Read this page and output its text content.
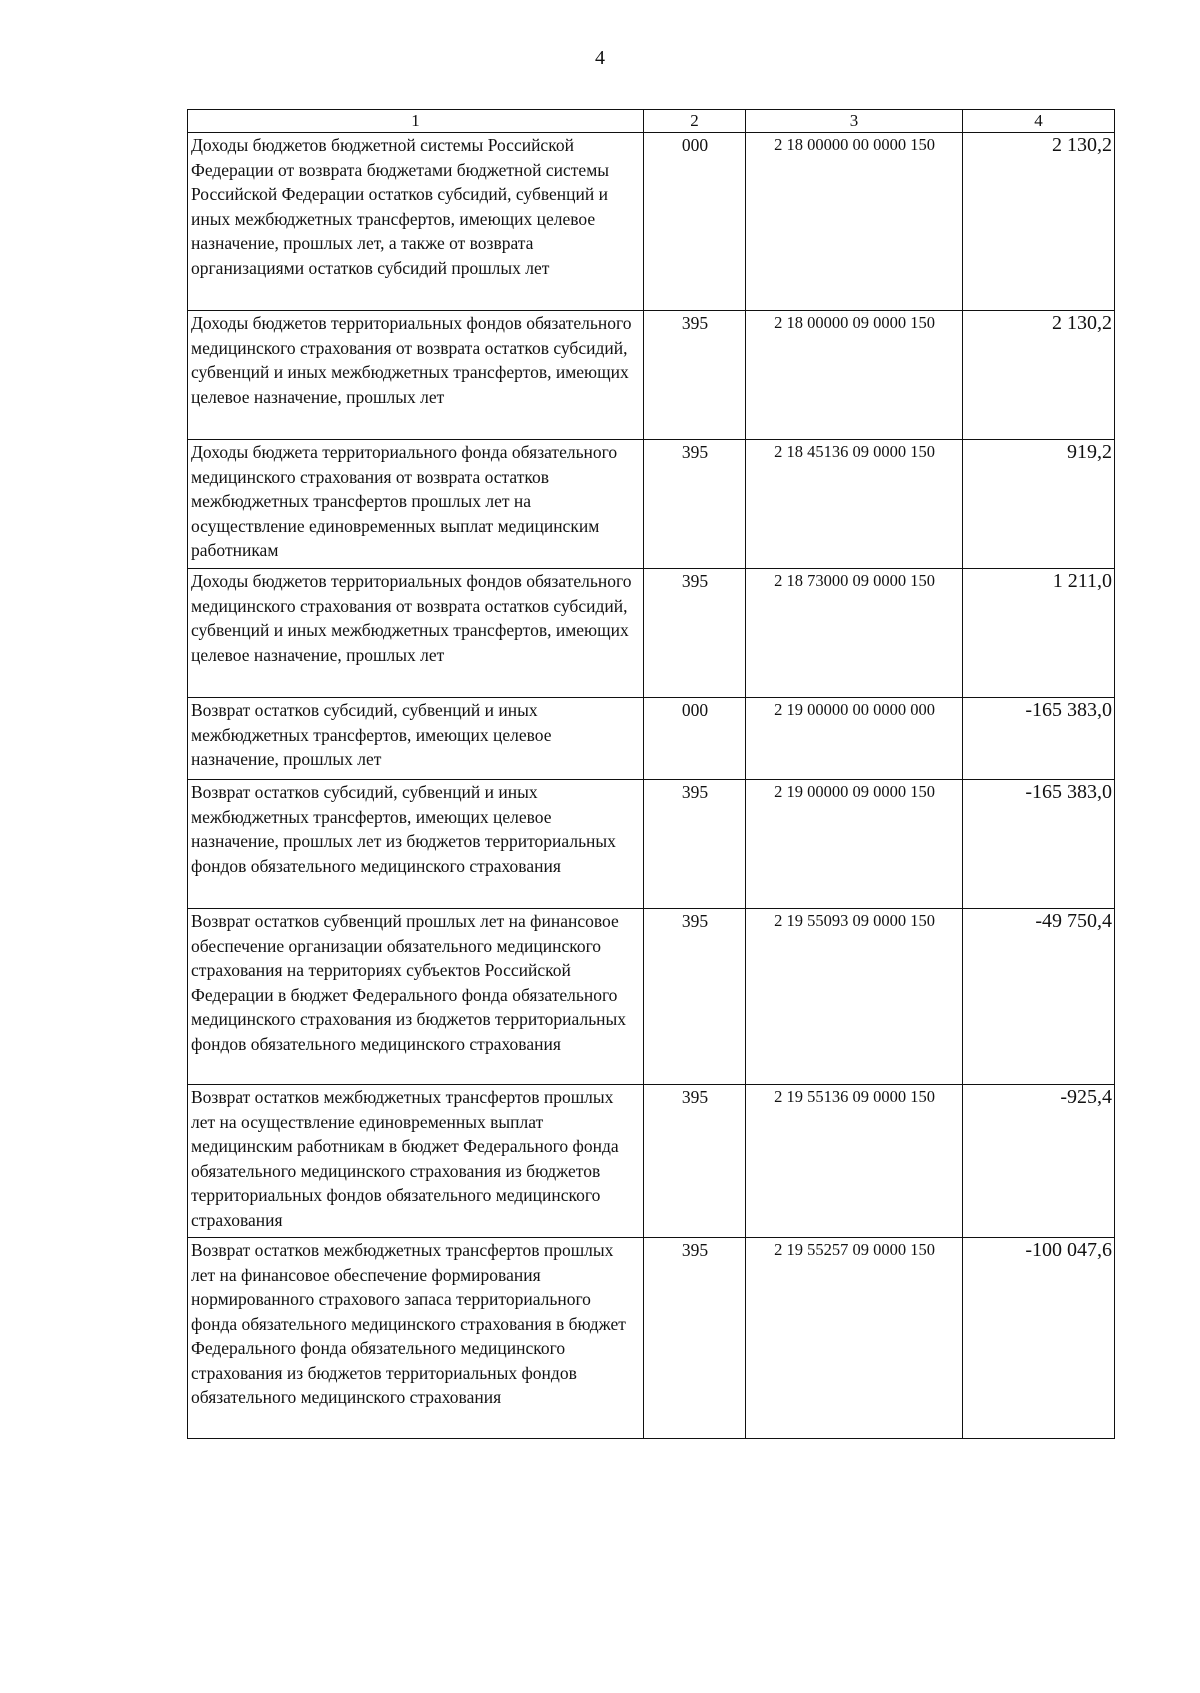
4
1	2	3	4
Доходы бюджетов бюджетной системы Российской Федерации от возврата бюджетами бюджетной системы Российской Федерации остатков субсидий, субвенций и иных межбюджетных трансфертов, имеющих целевое назначение, прошлых лет, а также от возврата организациями остатков субсидий прошлых лет	000	2 18 00000 00 0000 150	2 130,2
Доходы бюджетов территориальных фондов обязательного медицинского страхования от возврата остатков субсидий, субвенций и иных межбюджетных трансфертов, имеющих целевое назначение, прошлых лет	395	2 18 00000 09 0000 150	2 130,2
Доходы бюджета территориального фонда обязательного медицинского страхования от возврата остатков межбюджетных трансфертов прошлых лет на осуществление единовременных выплат медицинским работникам	395	2 18 45136 09 0000 150	919,2
Доходы бюджетов территориальных фондов обязательного медицинского страхования от возврата остатков субсидий, субвенций и иных межбюджетных трансфертов, имеющих целевое назначение, прошлых лет	395	2 18 73000 09 0000 150	1 211,0
Возврат остатков субсидий, субвенций и иных межбюджетных трансфертов, имеющих целевое назначение, прошлых лет	000	2 19 00000 00 0000 000	-165 383,0
Возврат остатков субсидий, субвенций и иных межбюджетных трансфертов, имеющих целевое назначение, прошлых лет из бюджетов территориальных фондов обязательного медицинского страхования	395	2 19 00000 09 0000 150	-165 383,0
Возврат остатков субвенций прошлых лет на финансовое обеспечение организации обязательного медицинского страхования на территориях субъектов Российской Федерации в бюджет Федерального фонда обязательного медицинского страхования из бюджетов территориальных фондов обязательного медицинского страхования	395	2 19 55093 09 0000 150	-49 750,4
Возврат остатков межбюджетных трансфертов прошлых лет на осуществление единовременных выплат медицинским работникам в бюджет Федерального фонда обязательного медицинского страхования из бюджетов территориальных фондов обязательного медицинского страхования	395	2 19 55136 09 0000 150	-925,4
Возврат остатков межбюджетных трансфертов прошлых лет на финансовое обеспечение формирования нормированного страхового запаса территориального фонда обязательного медицинского страхования в бюджет Федерального фонда обязательного медицинского страхования из бюджетов территориальных фондов обязательного медицинского страхования	395	2 19 55257 09 0000 150	-100 047,6
